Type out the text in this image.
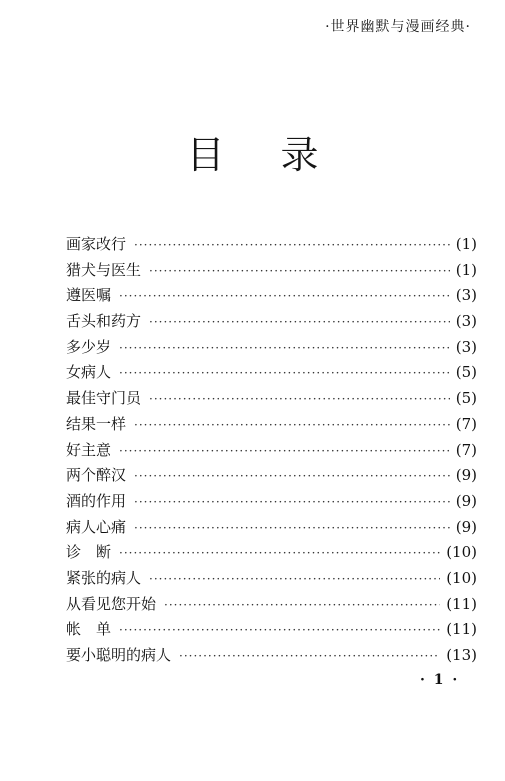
·世界幽默与漫画经典·
目录
画家改行 ·····	(1)
猎犬与医生 ·····	(1)
遵医嘱 ·····	(3)
舌头和药方 ·····	(3)
多少岁 ·····	(3)
女病人 ·····	(5)
最佳守门员 ·····	(5)
结果一样 ·····	(7)
好主意 ·····	(7)
两个醉汉 ·····	(9)
酒的作用 ·····	(9)
病人心痛 ·····	(9)
诊　断 ·····	(10)
紧张的病人 ·····	(10)
从看见您开始 ·····	(11)
帐　单 ·····	(11)
要小聪明的病人 ·····	(13)
· 1 ·
